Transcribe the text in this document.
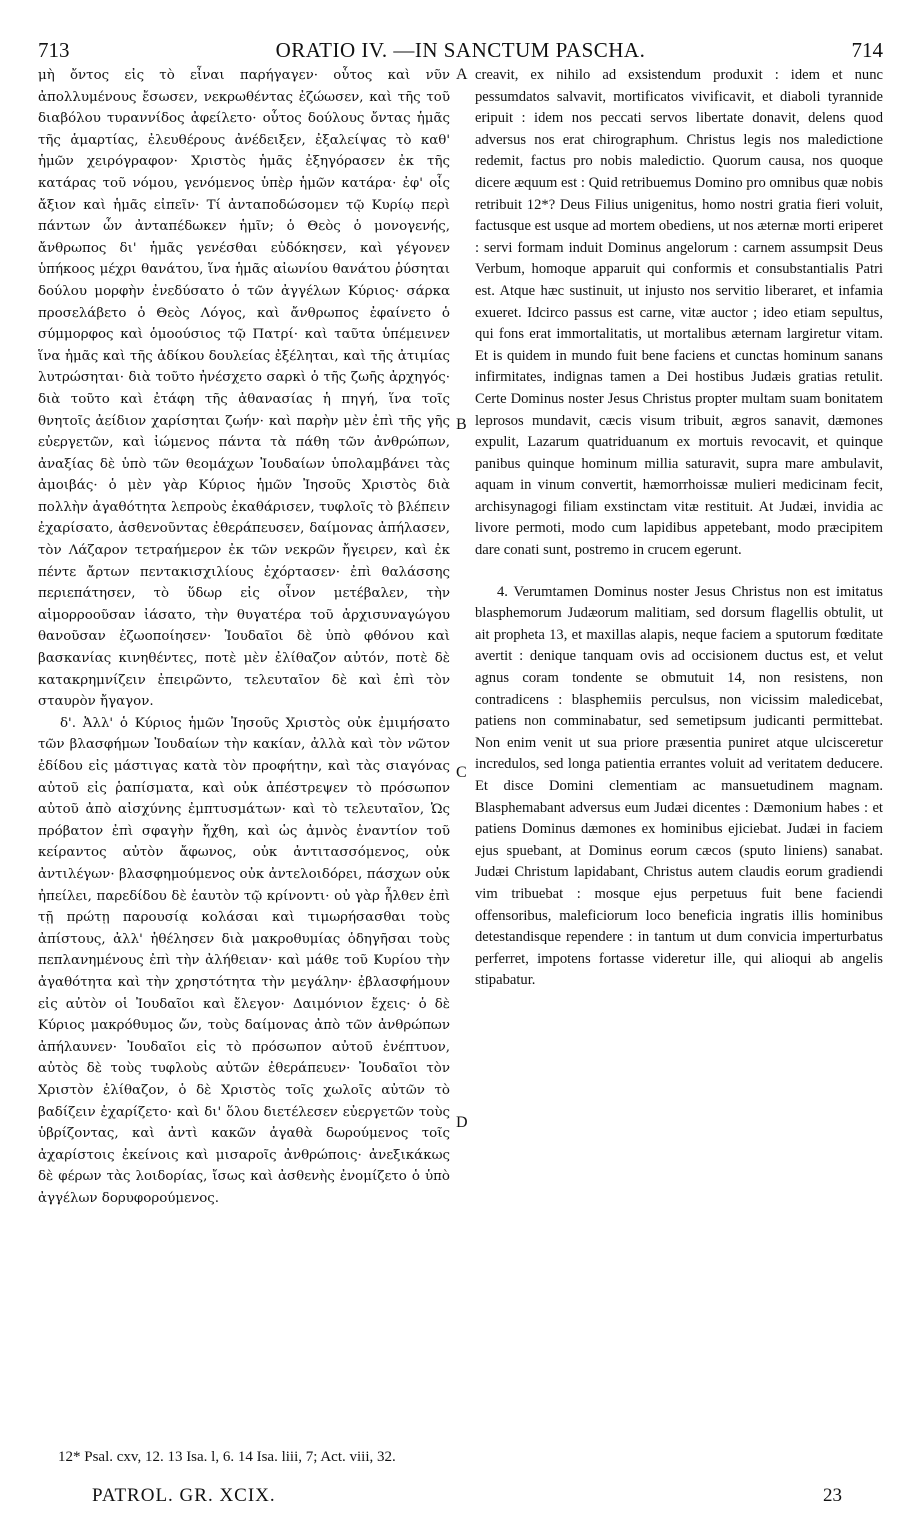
713	ORATIO IV. —IN SANCTUM PASCHA.	714

μὴ ὄντος εἰς τὸ εἶναι παρήγαγεν· οὗτος καὶ νῦν ἀπολλυμένους ἔσωσεν, νεκρωθέντας ἐζώωσεν, καὶ τῆς τοῦ διαβόλου τυραννίδος ἀφείλετο· οὗτος δούλους ὄντας ἡμᾶς τῆς ἁμαρτίας, ἐλευθέρους ἀνέδειξεν, ἐξαλείψας τὸ καθ' ἡμῶν χειρόγραφον· Χριστὸς ἡμᾶς ἐξηγόρασεν ἐκ τῆς κατάρας τοῦ νόμου, γενόμενος ὑπὲρ ἡμῶν κατάρα· ἐφ' οἷς ἄξιον καὶ ἡμᾶς εἰπεῖν· Τί ἀνταποδώσομεν τῷ Κυρίῳ περὶ πάντων ὧν ἀνταπέδωκεν ἡμῖν; ὁ Θεὸς ὁ μονογενής, ἄνθρωπος δι' ἡμᾶς γενέσθαι εὐδόκησεν, καὶ γέγονεν ὑπήκοος μέχρι θανάτου, ἵνα ἡμᾶς αἰωνίου θανάτου ῥύσηται δούλου μορφὴν ἐνεδύσατο ὁ τῶν ἀγγέλων Κύριος· σάρκα προσελάβετο ὁ Θεὸς Λόγος, καὶ ἄνθρωπος ἐφαίνετο ὁ σύμμορφος καὶ ὁμοούσιος τῷ Πατρί· καὶ ταῦτα ὑπέμεινεν ἵνα ἡμᾶς καὶ τῆς ἀδίκου δουλείας ἐξέληται, καὶ τῆς ἀτιμίας λυτρώσηται· διὰ τοῦτο ἠνέσχετο σαρκὶ ὁ τῆς ζωῆς ἀρχηγός· διὰ τοῦτο καὶ ἐτάφη τῆς ἀθανασίας ἡ πηγή, ἵνα τοῖς θνητοῖς ἀείδιον χαρίσηται ζωήν· καὶ παρὴν μὲν ἐπὶ τῆς γῆς εὐεργετῶν, καὶ ἰώμενος πάντα τὰ πάθη τῶν ἀνθρώπων, ἀναξίας δὲ ὑπὸ τῶν θεομάχων Ἰουδαίων ὑπολαμβάνει τὰς ἀμοιβάς· ὁ μὲν γὰρ Κύριος ἡμῶν Ἰησοῦς Χριστὸς διὰ πολλὴν ἀγαθότητα λεπροὺς ἐκαθάρισεν, τυφλοῖς τὸ βλέπειν ἐχαρίσατο, ἀσθενοῦντας ἐθεράπευσεν, δαίμονας ἀπήλασεν, τὸν Λάζαρον τετραήμερον ἐκ τῶν νεκρῶν ἤγειρεν, καὶ ἐκ πέντε ἄρτων πεντακισχιλίους ἐχόρτασεν· ἐπὶ θαλάσσης περιεπάτησεν, τὸ ὕδωρ εἰς οἶνον μετέβαλεν, τὴν αἱμορροοῦσαν ἰάσατο, τὴν θυγατέρα τοῦ ἀρχισυναγώγου θανοῦσαν ἐζωοποίησεν· Ἰουδαῖοι δὲ ὑπὸ φθόνου καὶ βασκανίας κινηθέντες, ποτὲ μὲν ἐλίθαζον αὐτόν, ποτὲ δὲ κατακρημνίζειν ἐπειρῶντο, τελευταῖον δὲ καὶ ἐπὶ τὸν σταυρὸν ἤγαγον.

δ'. Ἀλλ' ὁ Κύριος ἡμῶν Ἰησοῦς Χριστὸς οὐκ ἐμιμήσατο τῶν βλασφήμων Ἰουδαίων τὴν κακίαν, ἀλλὰ καὶ τὸν νῶτον ἐδίδου εἰς μάστιγας κατὰ τὸν προφήτην, καὶ τὰς σιαγόνας αὐτοῦ εἰς ῥαπίσματα, καὶ οὐκ ἀπέστρεψεν τὸ πρόσωπον αὐτοῦ ἀπὸ αἰσχύνης ἐμπτυσμάτων· καὶ τὸ τελευταῖον, Ὡς πρόβατον ἐπὶ σφαγὴν ἤχθη, καὶ ὡς ἀμνὸς ἐναντίον τοῦ κείραντος αὐτὸν ἄφωνος, οὐκ ἀντιτασσόμενος, οὐκ ἀντιλέγων· βλασφημούμενος οὐκ ἀντελοιδόρει, πάσχων οὐκ ἠπείλει, παρεδίδου δὲ ἑαυτὸν τῷ κρίνοντι· οὐ γὰρ ἦλθεν ἐπὶ τῇ πρώτῃ παρουσίᾳ κολάσαι καὶ τιμωρήσασθαι τοὺς ἀπίστους, ἀλλ' ἠθέλησεν διὰ μακροθυμίας ὁδηγῆσαι τοὺς πεπλανημένους ἐπὶ τὴν ἀλήθειαν· καὶ μάθε τοῦ Κυρίου τὴν ἀγαθότητα καὶ τὴν χρηστότητα τὴν μεγάλην· ἐβλασφήμουν εἰς αὐτὸν οἱ Ἰουδαῖοι καὶ ἔλεγον· Δαιμόνιον ἔχεις· ὁ δὲ Κύριος μακρόθυμος ὤν, τοὺς δαίμονας ἀπὸ τῶν ἀνθρώπων ἀπήλαυνεν· Ἰουδαῖοι εἰς τὸ πρόσωπον αὐτοῦ ἐνέπτυον, αὐτὸς δὲ τοὺς τυφλοὺς αὐτῶν ἐθεράπευεν· Ἰουδαῖοι τὸν Χριστὸν ἐλίθαζον, ὁ δὲ Χριστὸς τοῖς χωλοῖς αὐτῶν τὸ βαδίζειν ἐχαρίζετο· καὶ δι' ὅλου διετέλεσεν εὐεργετῶν τοὺς ὑβρίζοντας, καὶ ἀντὶ κακῶν ἀγαθὰ δωρούμενος τοῖς ἀχαρίστοις ἐκείνοις καὶ μισαροῖς ἀνθρώποις· ἀνεξικάκως δὲ φέρων τὰς λοιδορίας, ἴσως καὶ ἀσθενὴς ἐνομίζετο ὁ ὑπὸ ἀγγέλων δορυφορούμενος.

creavit, ex nihilo ad exsistendum produxit : idem et nunc pessumdatos salvavit, mortificatos vivificavit, et diaboli tyrannide eripuit : idem nos peccati servos libertate donavit, delens quod adversus nos erat chirographum. Christus legis nos maledictione redemit, factus pro nobis maledictio. Quorum causa, nos quoque dicere æquum est : Quid retribuemus Domino pro omnibus quæ nobis retribuit 12*? Deus Filius unigenitus, homo nostri gratia fieri voluit, factusque est usque ad mortem obediens, ut nos æternæ morti eriperet : servi formam induit Dominus angelorum : carnem assumpsit Deus Verbum, homoque apparuit qui conformis et consubstantialis Patri est. Atque hæc sustinuit, ut injusto nos servitio liberaret, et infamia exueret. Idcirco passus est carne, vitæ auctor ; ideo etiam sepultus, qui fons erat immortalitatis, ut mortalibus æternam largiretur vitam. Et is quidem in mundo fuit bene faciens et cunctas hominum sanans infirmitates, indignas tamen a Dei hostibus Judæis gratias retulit. Certe Dominus noster Jesus Christus propter multam suam bonitatem leprosos mundavit, cæcis visum tribuit, ægros sanavit, dæmones expulit, Lazarum quatriduanum ex mortuis revocavit, et quinque panibus quinque hominum millia saturavit, supra mare ambulavit, aquam in vinum convertit, hæmorrhoissæ mulieri medicinam fecit, archisynagogi filiam exstinctam vitæ restituit. At Judæi, invidia ac livore permoti, modo cum lapidibus appetebant, modo præcipitem dare conati sunt, postremo in crucem egerunt.

4. Verumtamen Dominus noster Jesus Christus non est imitatus blasphemorum Judæorum malitiam, sed dorsum flagellis obtulit, ut ait propheta 13, et maxillas alapis, neque faciem a sputorum fœditate avertit : denique tanquam ovis ad occisionem ductus est, et velut agnus coram tondente se obmutuit 14, non resistens, non contradicens : blasphemiis perculsus, non vicissim maledicebat, patiens non comminabatur, sed semetipsum judicanti permittebat. Non enim venit ut sua priore præsentia puniret atque ulcisceretur incredulos, sed longa patientia errantes voluit ad veritatem deducere. Et disce Domini clementiam ac mansuetudinem magnam. Blasphemabant adversus eum Judæi dicentes : Dæmonium habes : et patiens Dominus dæmones ex hominibus ejiciebat. Judæi in faciem ejus spuebant, at Dominus eorum cæcos (sputo liniens) sanabat. Judæi Christum lapidabant, Christus autem claudis eorum gradiendi vim tribuebat : mosque ejus perpetuus fuit bene faciendi offensoribus, maleficiorum loco beneficia ingratis illis hominibus detestandisque rependere : in tantum ut dum convicia imperturbatus perferret, impotens fortasse videretur ille, qui alioqui ab angelis stipabatur.

A
B
C
D
12* Psal. cxv, 12. 13 Isa. l, 6. 14 Isa. liii, 7; Act. viii, 32.
PATROL. GR. XCIX.	23
